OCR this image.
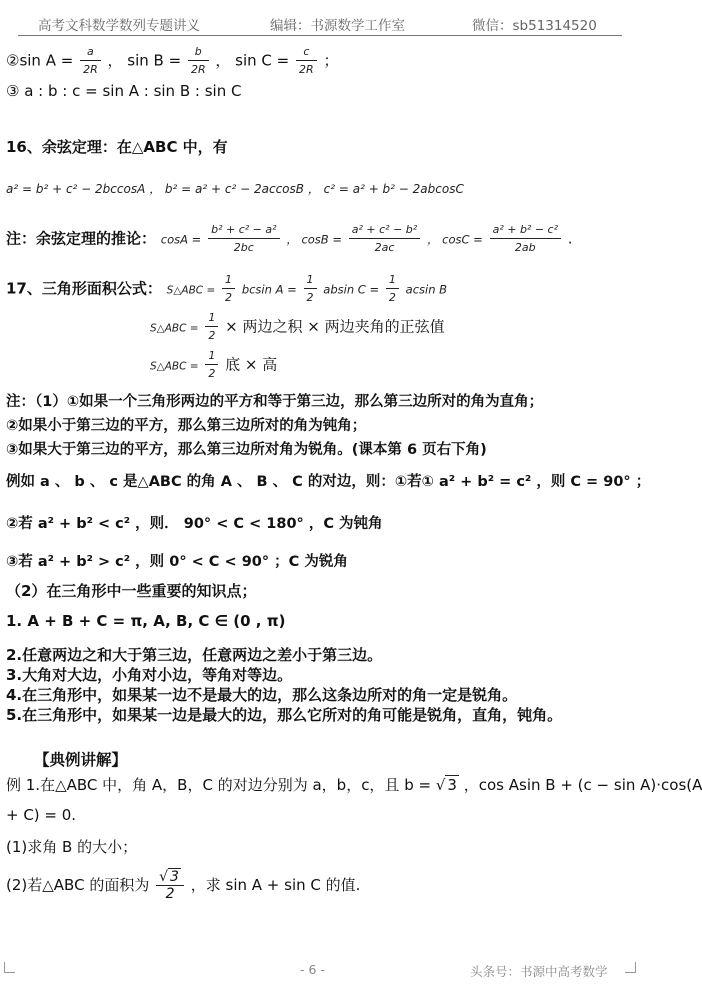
高考文科数学数列专题讲义	编辑：书源数学工作室	微信：sb51314520
②sin $A = \frac{a}{2R}$ ， $\sin B = \frac{b}{2R}$ ， $\sin C = \frac{c}{2R}$ ；
③ a : b : c = sin A : sin B : sin C
16、余弦定理：在△ABC 中，有
a² = b² + c² − 2bccosA ， b² = a² + c² − 2accosB ， c² = a² + b² − 2abcosC
注：余弦定理的推论： $\cos A = \frac{\text{b² + c² − a²}}{2bc}$ ， $\cos B = \frac{\text{a² + c² − b²}}{2ac}$ ， $\cos C = \frac{\text{a² + b² − c²}}{2ab}$ .
17、三角形面积公式： S△ABC = $\frac{1}{2}$ bcsin $A = \frac{1}{2}$ absin $C = \frac{1}{2}$ acsin B
S△ABC = $\frac{1}{2}$ × 两边之积 × 两边夹角的正弦值
S△ABC = $\frac{1}{2}$ 底 × 高
注：（1）①如果一个三角形两边的平方和等于第三边，那么第三边所对的角为直角；
②如果小于第三边的平方，那么第三边所对的角为钝角；
③如果大于第三边的平方，那么第三边所对角为锐角。(课本第 6 页右下角)
例如 a 、 b 、 c 是△ABC 的角 A 、 B 、 C 的对边，则：①若① a² + b² = c² ，则 C = 90° ；
②若 a² + b² < c² ，则． 90° < C < 180° ，C 为钝角
③若 a² + b² > c² ，则 0° < C < 90° ；C 为锐角
（2）在三角形中一些重要的知识点；
1. A + B + C = π, A, B, C ∈ (0 , π)
2.任意两边之和大于第三边，任意两边之差小于第三边。
3.大角对大边，小角对小边，等角对等边。
4.在三角形中，如果某一边不是最大的边，那么这条边所对的角一定是锐角。
5.在三角形中，如果某一边是最大的边，那么它所对的角可能是锐角，直角，钝角。
【典例讲解】
例 1.在△ABC 中，角 A，B，C 的对边分别为 a，b，c，且 b = √ 3 ，cos Asin B + (c − sin A)·cos(A
+ C) = 0.
(1)求角 B 的大小；
(2)若△ABC 的面积为 $\frac{√ 3}{2}$ ，求 sin A + sin C 的值.
- 6 -	头条号：书源中高考数学
